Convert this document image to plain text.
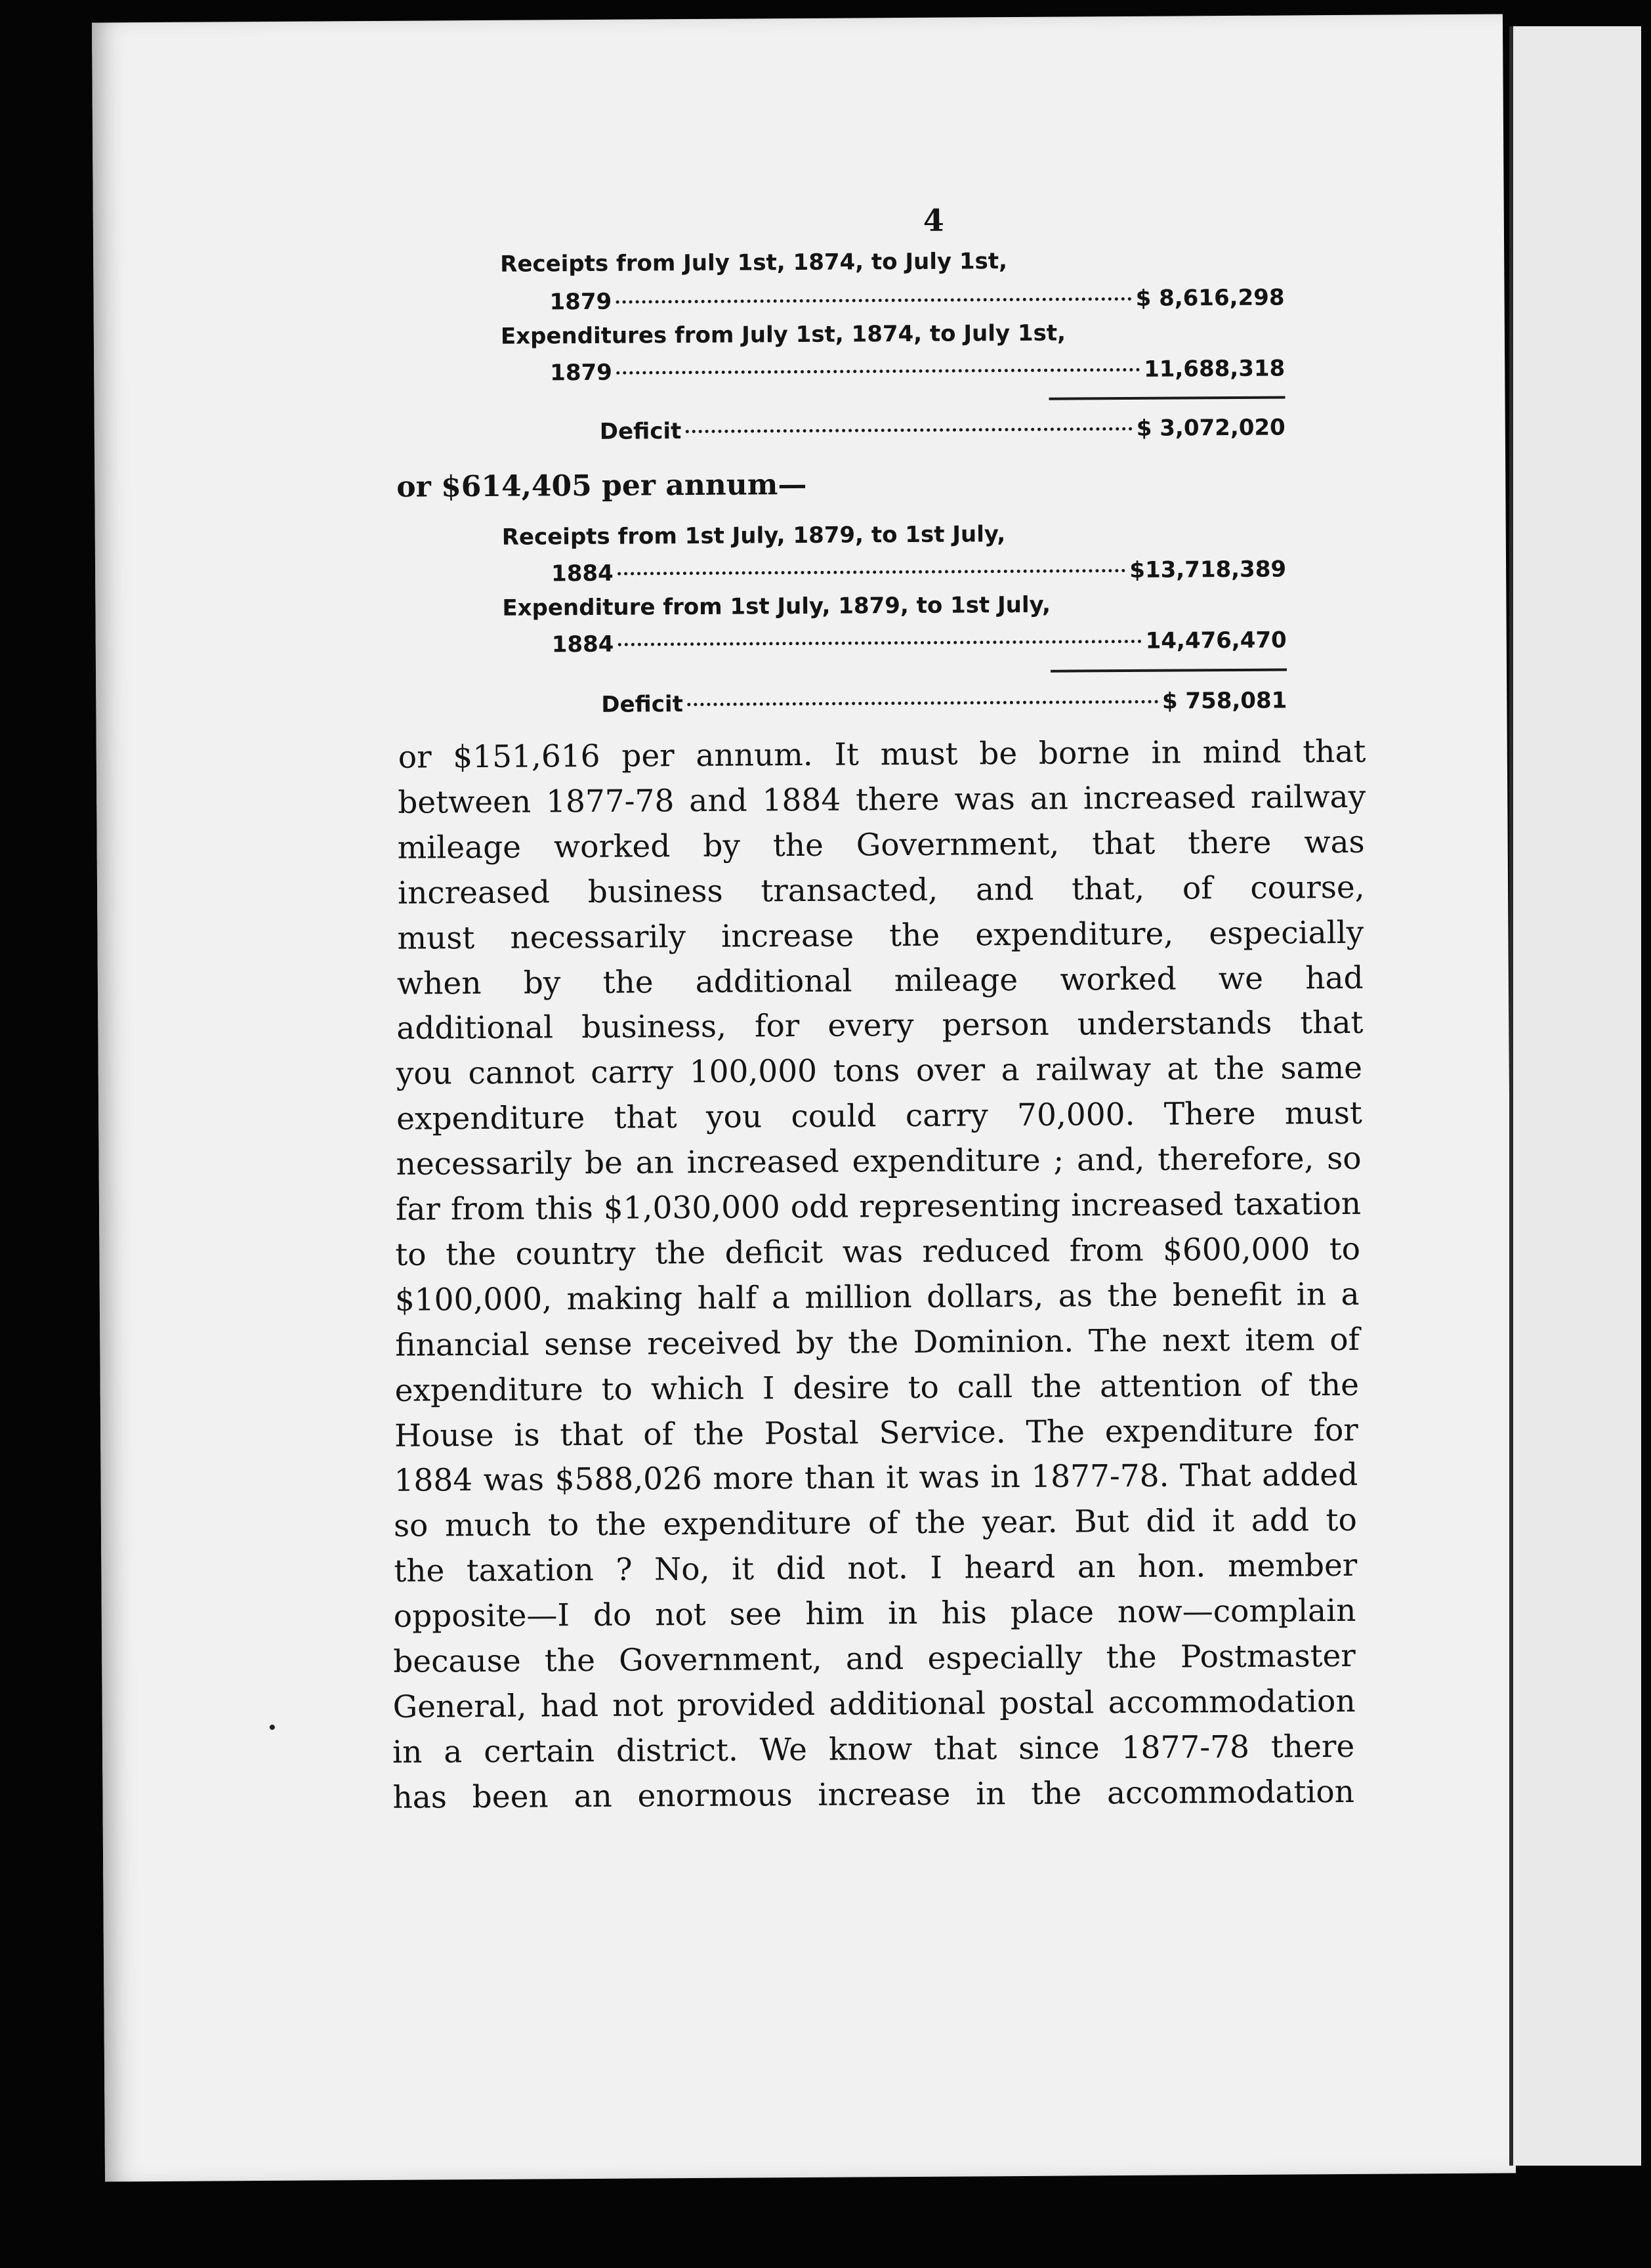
4
Receipts from July 1st, 1874, to July 1st,
1879	$ 8,616,298
Expenditures from July 1st, 1874, to July 1st,
1879	11,688,318
Deficit	$ 3,072,020
or $614,405 per annum—
Receipts from 1st July, 1879, to 1st July,
1884	$13,718,389
Expenditure from 1st July, 1879, to 1st July,
1884	14,476,470
Deficit	$ 758,081
or $151,616 per annum. It must be borne in mind that
between 1877-78 and 1884 there was an increased railway
mileage worked by the Government, that there was
increased business transacted, and that, of course,
must necessarily increase the expenditure, especially
when by the additional mileage worked we had
additional business, for every person understands that
you cannot carry 100,000 tons over a railway at the same
expenditure that you could carry 70,000. There must
necessarily be an increased expenditure ; and, therefore, so
far from this $1,030,000 odd representing increased taxation
to the country the deficit was reduced from $600,000 to
$100,000, making half a million dollars, as the benefit in a
financial sense received by the Dominion. The next item of
expenditure to which I desire to call the attention of the
House is that of the Postal Service. The expenditure for
1884 was $588,026 more than it was in 1877-78. That added
so much to the expenditure of the year. But did it add to
the taxation ? No, it did not. I heard an hon. member
opposite—I do not see him in his place now—complain
because the Government, and especially the Postmaster
General, had not provided additional postal accommodation
in a certain district. We know that since 1877-78 there
has been an enormous increase in the accommodation
